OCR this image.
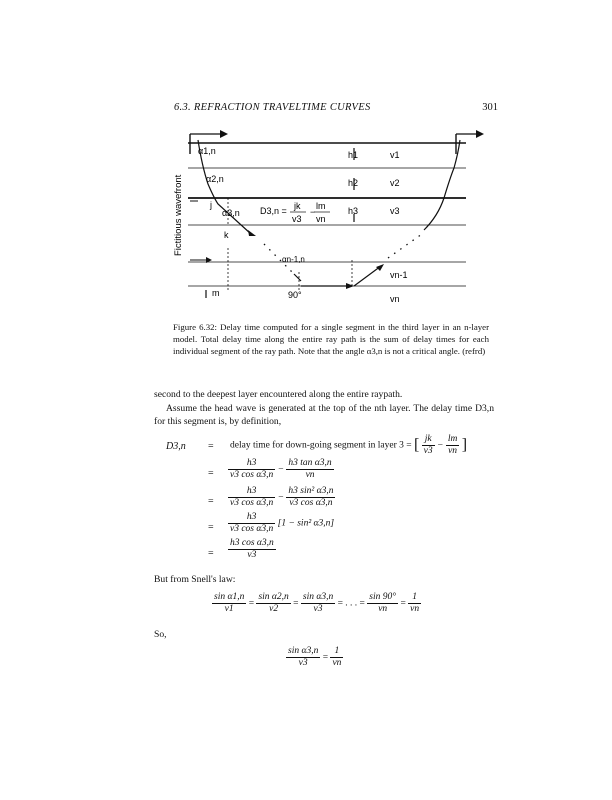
6.3. REFRACTION TRAVELTIME CURVES	301
Fictitious wavefront
α1,n
α2,n
α3,n
αn-1,n
j
k
m	90°
D3,n = jk
v3
−
lm
vn
h1
h2
h3
v1
v2
v3
vn-1
vn
Figure 6.32: Delay time computed for a single segment in the third layer in an n-layer model. Total delay time along the entire ray path is the sum of delay times for each individual segment of the ray path. Note that the angle α3,n is not a critical angle. (refrd)
second to the deepest layer encountered along the entire raypath.
Assume the head wave is generated at the top of the nth layer. The delay time D3,n for this segment is, by definition,
D3,n = delay time for down-going segment in layer 3 = [ $\frac{jk}{v3} - \frac{lm}{vn}$ ]
= $\frac{h3}{\text{v3 cos α3,n}} - \frac{\text{h3 tan α3,n}}{vn}$
= $\frac{h3}{\text{v3 cos α3,n}} - \frac{\text{h3 sin² α3,n}}{\text{v3 cos α3,n}}$
= $\frac{h3}{\text{v3 cos α3,n}} [1 - \sin^2$ α3,n]
= $\frac{\text{h3 cos α3,n}}{v3}$
But from Snell's law:
$\frac{\text{sin α1,n}}{v1} = \frac{\text{sin α2,n}}{v2} = \frac{\text{sin α3,n}}{v3}$ = . . . = $\frac{\sin 90^\circ}{vn} = \frac{1}{vn}$
So,
$\frac{\text{sin α3,n}}{v3} = \frac{1}{vn}$
